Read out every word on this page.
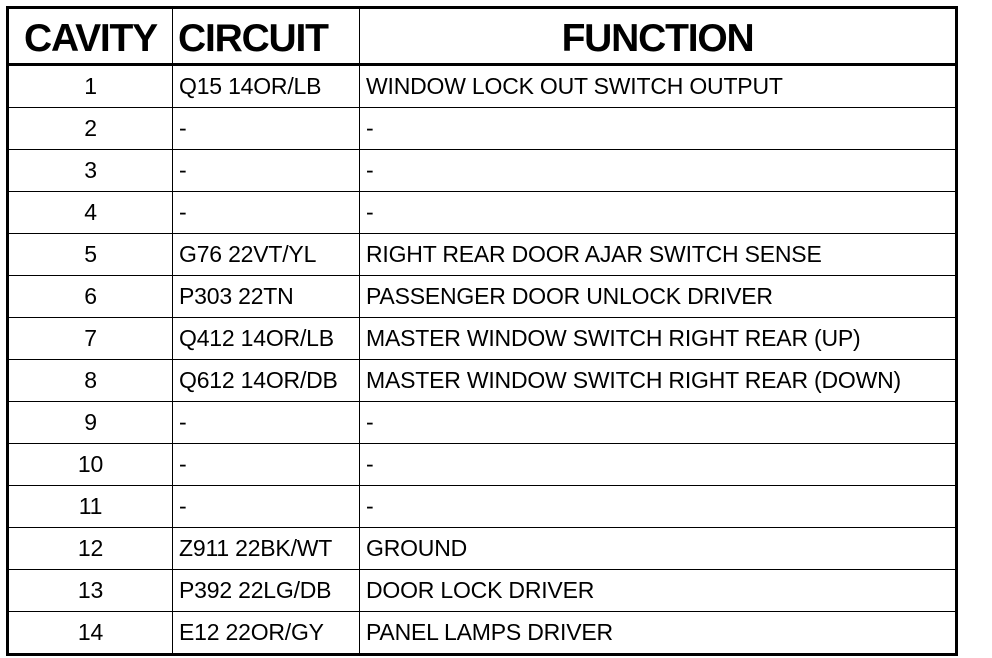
CAVITY	CIRCUIT	FUNCTION
1	Q15 14OR/LB	WINDOW LOCK OUT SWITCH OUTPUT
2	-	-
3	-	-
4	-	-
5	G76 22VT/YL	RIGHT REAR DOOR AJAR SWITCH SENSE
6	P303 22TN	PASSENGER DOOR UNLOCK DRIVER
7	Q412 14OR/LB	MASTER WINDOW SWITCH RIGHT REAR (UP)
8	Q612 14OR/DB	MASTER WINDOW SWITCH RIGHT REAR (DOWN)
9	-	-
10	-	-
11	-	-
12	Z911 22BK/WT	GROUND
13	P392 22LG/DB	DOOR LOCK DRIVER
14	E12 22OR/GY	PANEL LAMPS DRIVER
